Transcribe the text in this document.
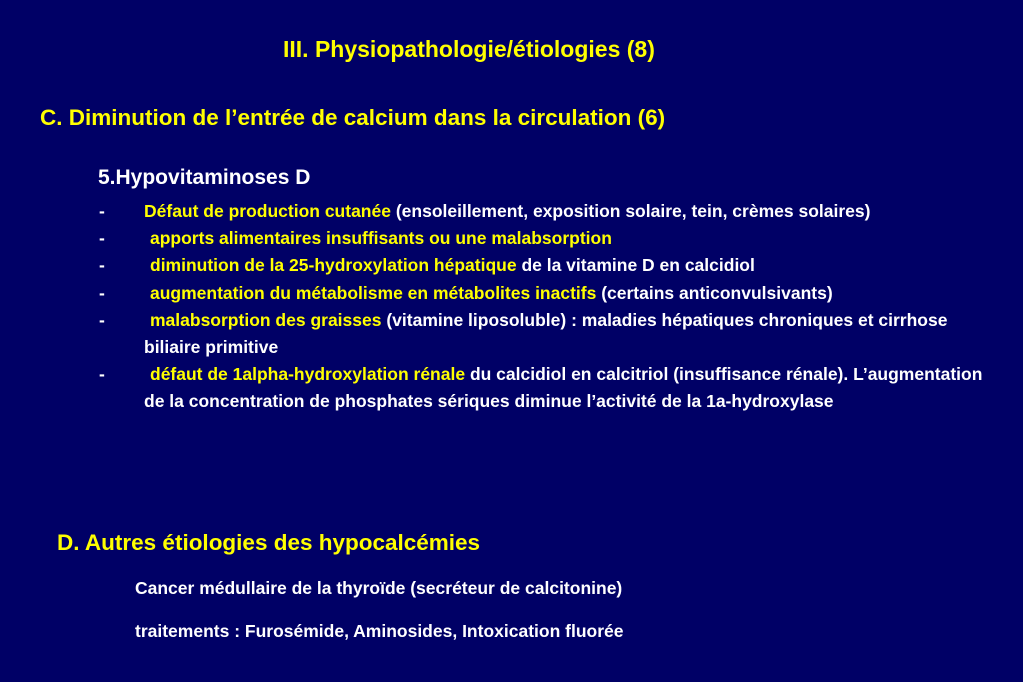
III. Physiopathologie/étiologies (8)
C. Diminution de l’entrée de calcium dans la circulation (6)
5.Hypovitaminoses D
-	Défaut de production cutanée (ensoleillement, exposition solaire, tein, crèmes solaires)
-	apports alimentaires insuffisants ou une malabsorption
-	diminution de la 25-hydroxylation hépatique de la vitamine D en calcidiol
-	augmentation du métabolisme en métabolites inactifs (certains anticonvulsivants)
-	malabsorption des graisses (vitamine liposoluble) : maladies hépatiques chroniques et cirrhose biliaire primitive
-	défaut de 1alpha-hydroxylation rénale du calcidiol en calcitriol (insuffisance rénale). L’augmentation de la concentration de phosphates sériques diminue l’activité de la 1a-hydroxylase
D. Autres étiologies des hypocalcémies
Cancer médullaire de la thyroïde (secréteur de calcitonine)
traitements : Furosémide, Aminosides, Intoxication fluorée
